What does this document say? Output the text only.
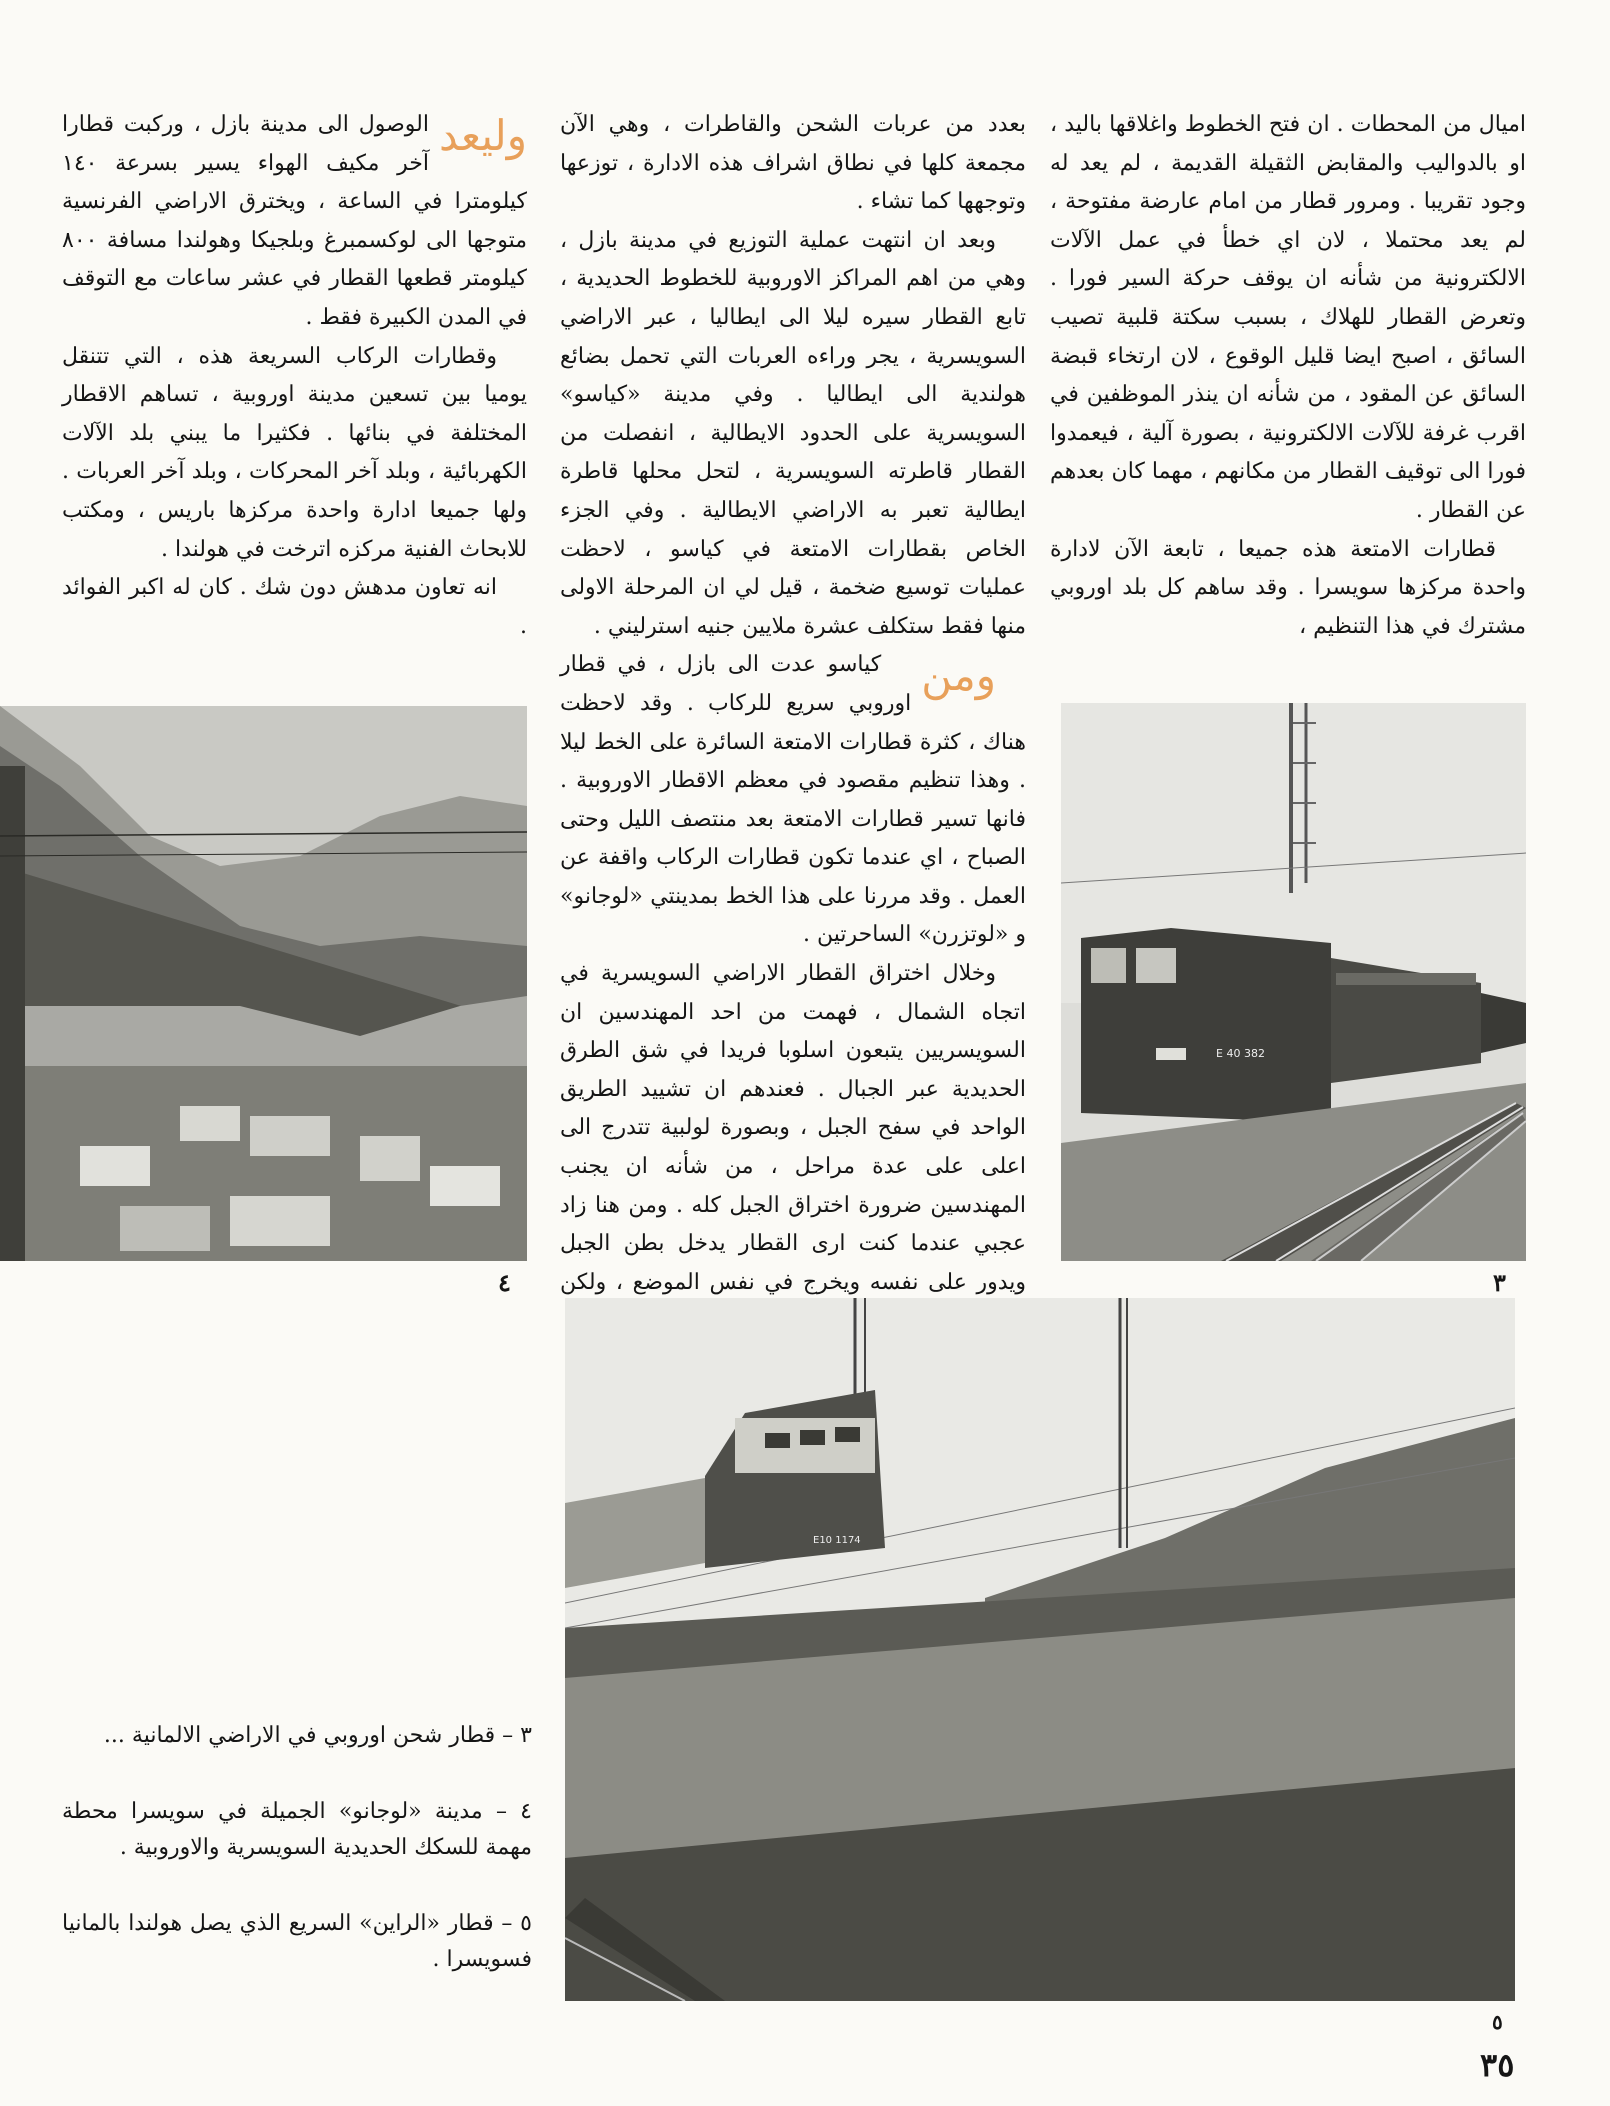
اميال من المحطات . ان فتح الخطوط واغلاقها باليد ، او بالدواليب والمقابض الثقيلة القديمة ، لم يعد له وجود تقريبا . ومرور قطار من امام عارضة مفتوحة ، لم يعد محتملا ، لان اي خطأ في عمل الآلات الالكترونية من شأنه ان يوقف حركة السير فورا . وتعرض القطار للهلاك ، بسبب سكتة قلبية تصيب السائق ، اصبح ايضا قليل الوقوع ، لان ارتخاء قبضة السائق عن المقود ، من شأنه ان ينذر الموظفين في اقرب غرفة للآلات الالكترونية ، بصورة آلية ، فيعمدوا فورا الى توقيف القطار من مكانهم ، مهما كان بعدهم عن القطار .

قطارات الامتعة هذه جميعا ، تابعة الآن لادارة واحدة مركزها سويسرا . وقد ساهم كل بلد اوروبي مشترك في هذا التنظيم ،

بعدد من عربات الشحن والقاطرات ، وهي الآن مجمعة كلها في نطاق اشراف هذه الادارة ، توزعها وتوجهها كما تشاء .

وبعد ان انتهت عملية التوزيع في مدينة بازل ، وهي من اهم المراكز الاوروبية للخطوط الحديدية ، تابع القطار سيره ليلا الى ايطاليا ، عبر الاراضي السويسرية ، يجر وراءه العربات التي تحمل بضائع هولندية الى ايطاليا . وفي مدينة «كياسو» السويسرية على الحدود الايطالية ، انفصلت من القطار قاطرته السويسرية ، لتحل محلها قاطرة ايطالية تعبر به الاراضي الايطالية . وفي الجزء الخاص بقطارات الامتعة في كياسو ، لاحظت عمليات توسيع ضخمة ، قيل لي ان المرحلة الاولى منها فقط ستكلف عشرة ملايين جنيه استرليني .

ومن
كياسو عدت الى بازل ، في قطار اوروبي سريع للركاب . وقد لاحظت هناك ، كثرة قطارات الامتعة السائرة على الخط ليلا . وهذا تنظيم مقصود في معظم الاقطار الاوروبية . فانها تسير قطارات الامتعة بعد منتصف الليل وحتى الصباح ، اي عندما تكون قطارات الركاب واقفة عن العمل . وقد مررنا على هذا الخط بمدينتي «لوجانو» و «لوتزرن» الساحرتين .

وخلال اختراق القطار الاراضي السويسرية في اتجاه الشمال ، فهمت من احد المهندسين ان السويسريين يتبعون اسلوبا فريدا في شق الطرق الحديدية عبر الجبال . فعندهم ان تشييد الطريق الواحد في سفح الجبل ، وبصورة لولبية تتدرج الى اعلى على عدة مراحل ، من شأنه ان يجنب المهندسين ضرورة اختراق الجبل كله . ومن هنا زاد عجبي عندما كنت ارى القطار يدخل بطن الجبل ويدور على نفسه ويخرج في نفس الموضع ، ولكن

وليعد
الوصول الى مدينة بازل ، وركبت قطارا آخر مكيف الهواء يسير بسرعة ١٤٠ كيلومترا في الساعة ، ويخترق الاراضي الفرنسية متوجها الى لوكسمبرغ وبلجيكا وهولندا مسافة ٨٠٠ كيلومتر قطعها القطار في عشر ساعات مع التوقف في المدن الكبيرة فقط .

وقطارات الركاب السريعة هذه ، التي تتنقل يوميا بين تسعين مدينة اوروبية ، تساهم الاقطار المختلفة في بنائها . فكثيرا ما يبني بلد الآلات الكهربائية ، وبلد آخر المحركات ، وبلد آخر العربات . ولها جميعا ادارة واحدة مركزها باريس ، ومكتب للابحاث الفنية مركزه اترخت في هولندا .

انه تعاون مدهش دون شك . كان له اكبر الفوائد .

٤
E 40 382
٣
E10 1174
٥

٣ – قطار شحن اوروبي في الاراضي الالمانية ...

٤ – مدينة «لوجانو» الجميلة في سويسرا محطة مهمة للسكك الحديدية السويسرية والاوروبية .

٥ – قطار «الراين» السريع الذي يصل هولندا بالمانيا فسويسرا .

٣٥
